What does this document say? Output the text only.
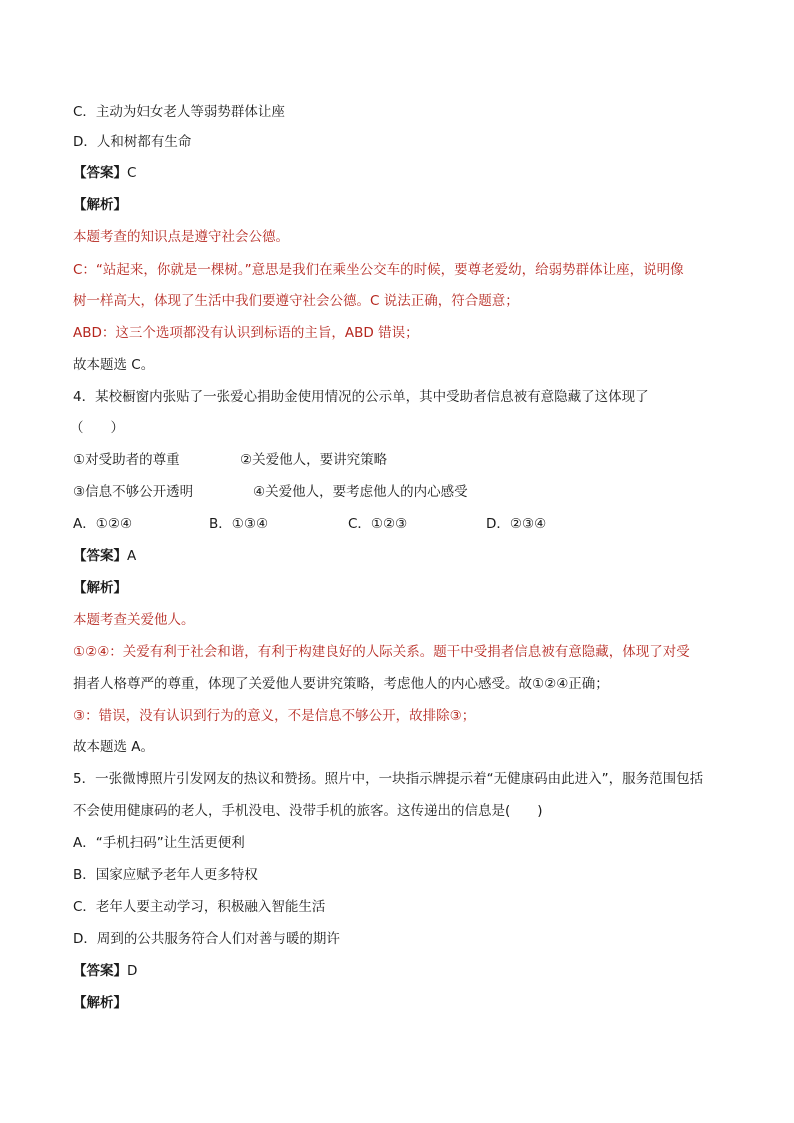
C．主动为妇女老人等弱势群体让座
D．人和树都有生命
【答案】C
【解析】
本题考查的知识点是遵守社会公德。
C：“站起来，你就是一棵树。”意思是我们在乘坐公交车的时候，要尊老爱幼，给弱势群体让座，说明像
树一样高大，体现了生活中我们要遵守社会公德。C 说法正确，符合题意；
ABD：这三个选项都没有认识到标语的主旨，ABD 错误；
故本题选 C。
4．某校橱窗内张贴了一张爱心捐助金使用情况的公示单，其中受助者信息被有意隐藏了这体现了
（　　）
①对受助者的尊重	②关爱他人，要讲究策略
③信息不够公开透明	④关爱他人，要考虑他人的内心感受
A．①②④	B．①③④	C．①②③	D．②③④
【答案】A
【解析】
本题考查关爱他人。
①②④：关爱有利于社会和谐，有利于构建良好的人际关系。题干中受捐者信息被有意隐藏，体现了对受
捐者人格尊严的尊重，体现了关爱他人要讲究策略，考虑他人的内心感受。故①②④正确；
③：错误，没有认识到行为的意义，不是信息不够公开，故排除③；
故本题选 A。
5．一张微博照片引发网友的热议和赞扬。照片中，一块指示牌提示着“无健康码由此进入”，服务范围包括
不会使用健康码的老人，手机没电、没带手机的旅客。这传递出的信息是(　　)
A．“手机扫码”让生活更便利
B．国家应赋予老年人更多特权
C．老年人要主动学习，积极融入智能生活
D．周到的公共服务符合人们对善与暖的期许
【答案】D
【解析】
